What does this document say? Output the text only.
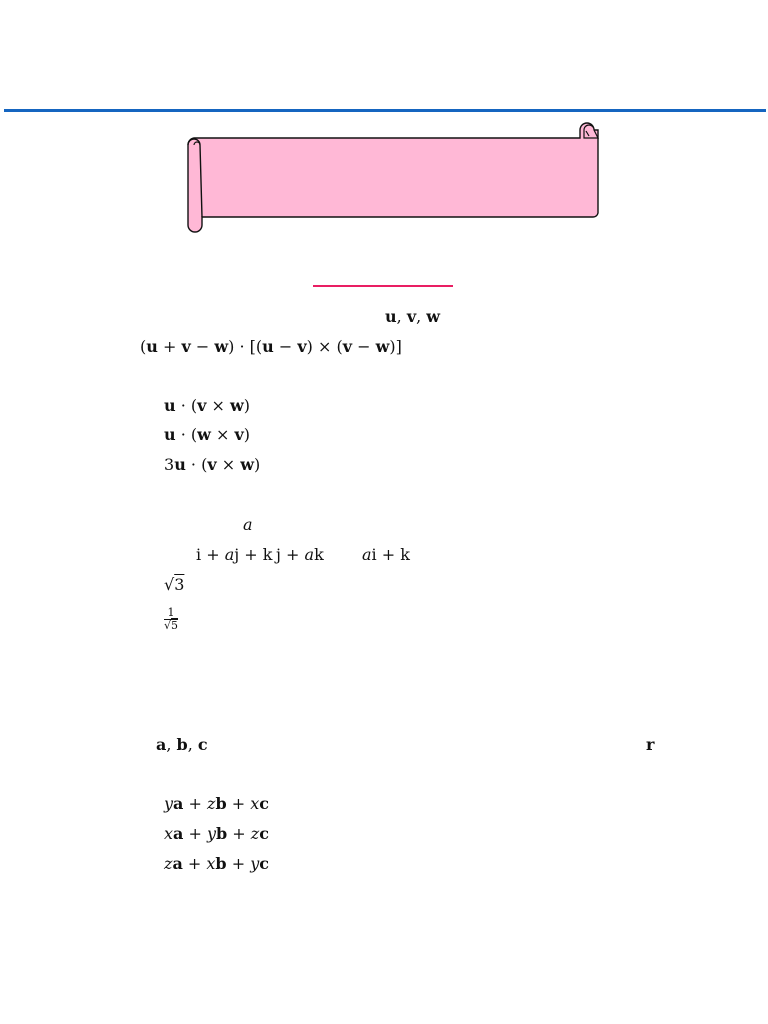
u, v, w
(u + v − w) · [(u − v) × (v − w)]
u · (v × w)
u · (w × v)
3u · (v × w)
a
i + aj + k j + ak ai + k
√3
$\frac{1}{√5}$
a, b, c	r
ya + zb + xc
xa + yb + zc
za + xb + yc
